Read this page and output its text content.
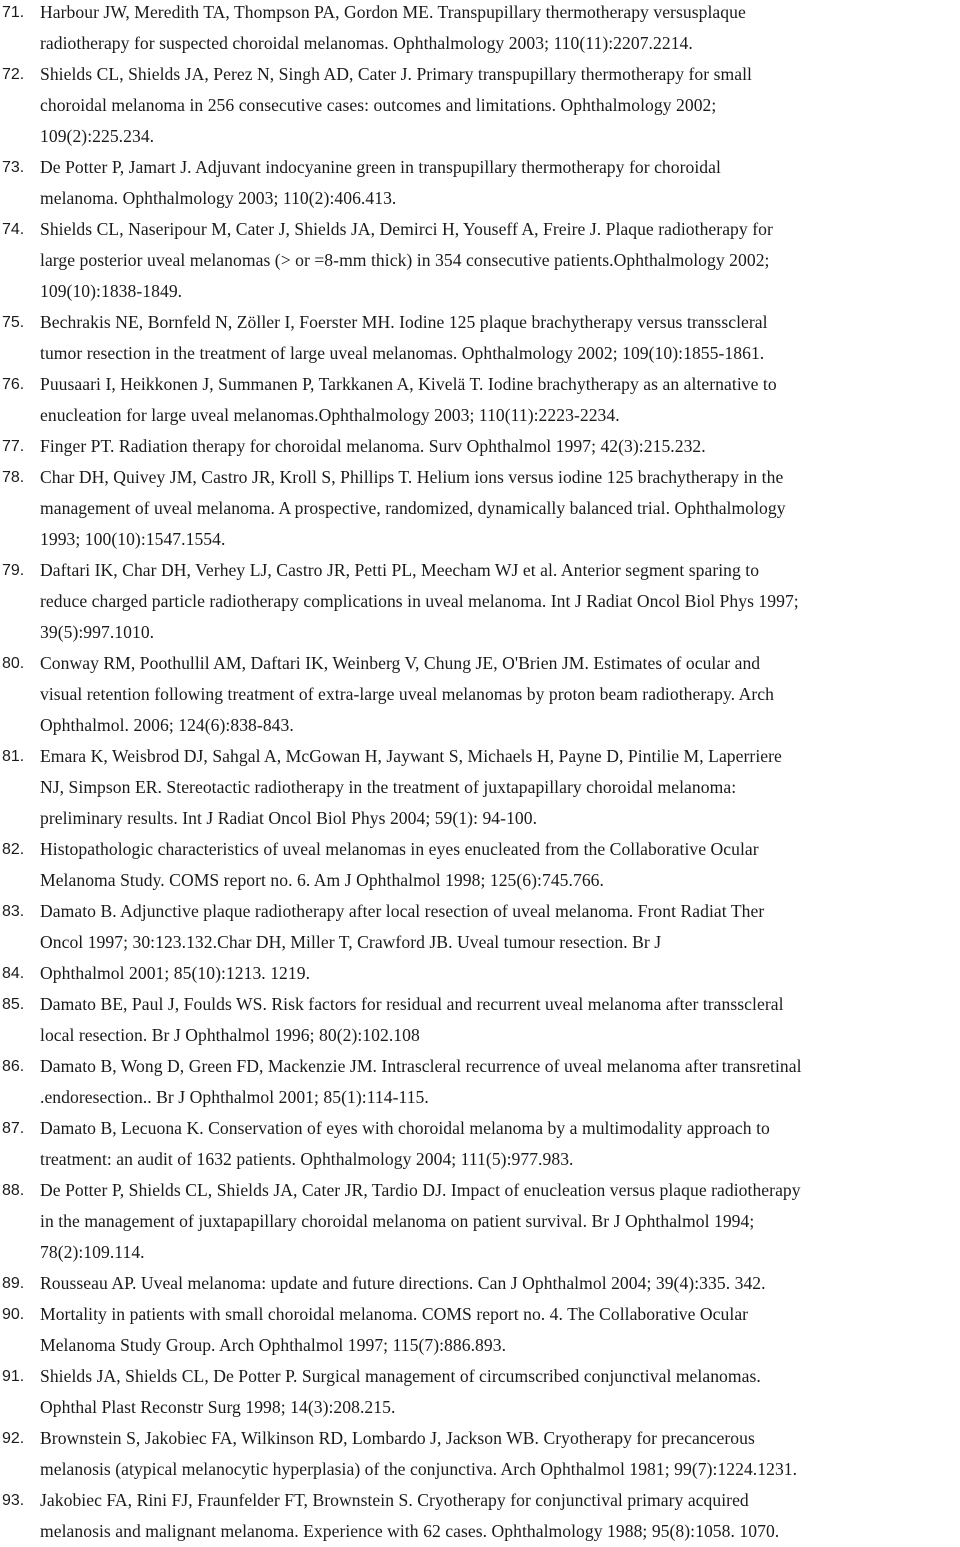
71. Harbour JW, Meredith TA, Thompson PA, Gordon ME. Transpupillary thermotherapy versusplaque
radiotherapy for suspected choroidal melanomas. Ophthalmology 2003; 110(11):2207.2214.
72. Shields CL, Shields JA, Perez N, Singh AD, Cater J. Primary transpupillary thermotherapy for small
choroidal melanoma in 256 consecutive cases: outcomes and limitations. Ophthalmology 2002;
109(2):225.234.
73. De Potter P, Jamart J. Adjuvant indocyanine green in transpupillary thermotherapy for choroidal
melanoma. Ophthalmology 2003; 110(2):406.413.
74. Shields CL, Naseripour M, Cater J, Shields JA, Demirci H, Youseff A, Freire J. Plaque radiotherapy for
large posterior uveal melanomas (> or =8-mm thick) in 354 consecutive patients.Ophthalmology 2002;
109(10):1838-1849.
75. Bechrakis NE, Bornfeld N, Zöller I, Foerster MH. Iodine 125 plaque brachytherapy versus transscleral
tumor resection in the treatment of large uveal melanomas. Ophthalmology 2002; 109(10):1855-1861.
76. Puusaari I, Heikkonen J, Summanen P, Tarkkanen A, Kivelä T. Iodine brachytherapy as an alternative to
enucleation for large uveal melanomas.Ophthalmology 2003; 110(11):2223-2234.
77. Finger PT. Radiation therapy for choroidal melanoma. Surv Ophthalmol 1997; 42(3):215.232.
78. Char DH, Quivey JM, Castro JR, Kroll S, Phillips T. Helium ions versus iodine 125 brachytherapy in the
management of uveal melanoma. A prospective, randomized, dynamically balanced trial. Ophthalmology
1993; 100(10):1547.1554.
79. Daftari IK, Char DH, Verhey LJ, Castro JR, Petti PL, Meecham WJ et al. Anterior segment sparing to
reduce charged particle radiotherapy complications in uveal melanoma. Int J Radiat Oncol Biol Phys 1997;
39(5):997.1010.
80. Conway RM, Poothullil AM, Daftari IK, Weinberg V, Chung JE, O'Brien JM. Estimates of ocular and
visual retention following treatment of extra-large uveal melanomas by proton beam radiotherapy. Arch
Ophthalmol. 2006; 124(6):838-843.
81. Emara K, Weisbrod DJ, Sahgal A, McGowan H, Jaywant S, Michaels H, Payne D, Pintilie M, Laperriere
NJ, Simpson ER. Stereotactic radiotherapy in the treatment of juxtapapillary choroidal melanoma:
preliminary results. Int J Radiat Oncol Biol Phys 2004; 59(1): 94-100.
82. Histopathologic characteristics of uveal melanomas in eyes enucleated from the Collaborative Ocular
Melanoma Study. COMS report no. 6. Am J Ophthalmol 1998; 125(6):745.766.
83. Damato B. Adjunctive plaque radiotherapy after local resection of uveal melanoma. Front Radiat Ther
Oncol 1997; 30:123.132.Char DH, Miller T, Crawford JB. Uveal tumour resection. Br J
84. Ophthalmol 2001; 85(10):1213. 1219.
85. Damato BE, Paul J, Foulds WS. Risk factors for residual and recurrent uveal melanoma after transscleral
local resection. Br J Ophthalmol 1996; 80(2):102.108
86. Damato B, Wong D, Green FD, Mackenzie JM. Intrascleral recurrence of uveal melanoma after transretinal
.endoresection.. Br J Ophthalmol 2001; 85(1):114-115.
87. Damato B, Lecuona K. Conservation of eyes with choroidal melanoma by a multimodality approach to
treatment: an audit of 1632 patients. Ophthalmology 2004; 111(5):977.983.
88. De Potter P, Shields CL, Shields JA, Cater JR, Tardio DJ. Impact of enucleation versus plaque radiotherapy
in the management of juxtapapillary choroidal melanoma on patient survival. Br J Ophthalmol 1994;
78(2):109.114.
89. Rousseau AP. Uveal melanoma: update and future directions. Can J Ophthalmol 2004; 39(4):335. 342.
90. Mortality in patients with small choroidal melanoma. COMS report no. 4. The Collaborative Ocular
Melanoma Study Group. Arch Ophthalmol 1997; 115(7):886.893.
91. Shields JA, Shields CL, De Potter P. Surgical management of circumscribed conjunctival melanomas.
Ophthal Plast Reconstr Surg 1998; 14(3):208.215.
92. Brownstein S, Jakobiec FA, Wilkinson RD, Lombardo J, Jackson WB. Cryotherapy for precancerous
melanosis (atypical melanocytic hyperplasia) of the conjunctiva. Arch Ophthalmol 1981; 99(7):1224.1231.
93. Jakobiec FA, Rini FJ, Fraunfelder FT, Brownstein S. Cryotherapy for conjunctival primary acquired
melanosis and malignant melanoma. Experience with 62 cases. Ophthalmology 1988; 95(8):1058. 1070.
